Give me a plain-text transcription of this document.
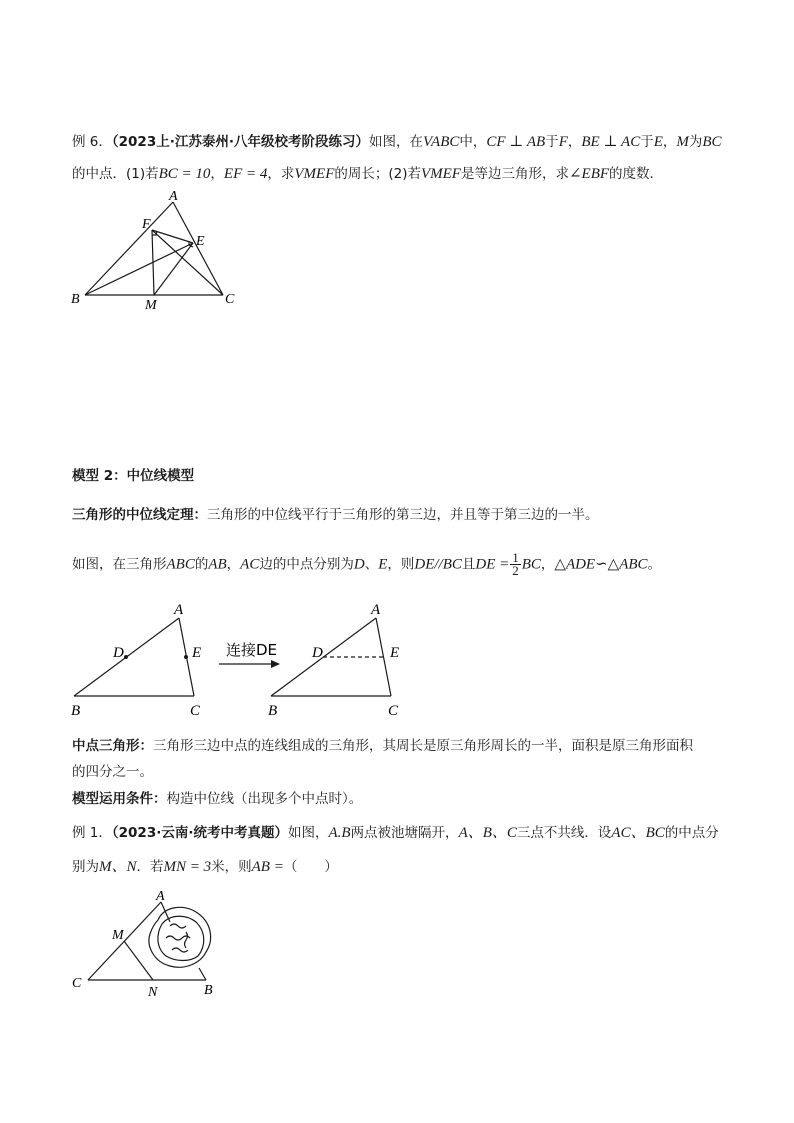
例 6．（2023上·江苏泰州·八年级校考阶段练习）如图，在VABC中，CF ⊥ AB于F，BE ⊥ AC于E，M为BC
的中点．(1)若BC = 10，EF = 4，求VMEF的周长；(2)若VMEF是等边三角形，求∠EBF的度数．
A
F
E
B	M	C
模型 2：中位线模型
三角形的中位线定理：三角形的中位线平行于三角形的第三边，并且等于第三边的一半。
如图，在三角形ABC的AB，AC边的中点分别为D、E，则DE//BC且DE = $\frac{1}{2}$ BC，△ADE∽△ABC。
A
D	E
B	C
连接DE
A
D	E
B	C
中点三角形：三角形三边中点的连线组成的三角形，其周长是原三角形周长的一半，面积是原三角形面积
的四分之一。
模型运用条件：构造中位线（出现多个中点时）。
例 1．（2023·云南·统考中考真题）如图，A.B两点被池塘隔开，A、B、C三点不共线．设AC、BC的中点分
别为M、N．若MN = 3米，则AB =（　　）
A
M
C
N	B
